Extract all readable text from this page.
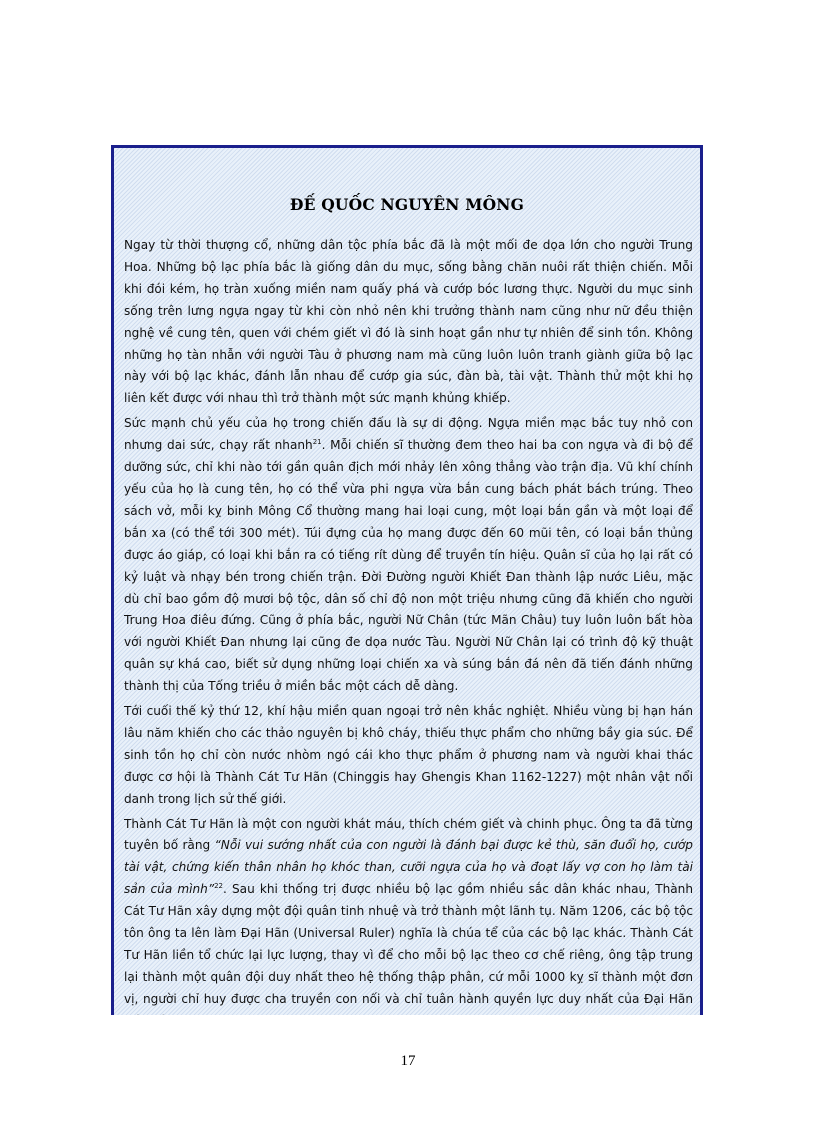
ĐẾ QUỐC NGUYÊN MÔNG

Ngay từ thời thượng cổ, những dân tộc phía bắc đã là một mối đe dọa lớn cho người Trung Hoa. Những bộ lạc phía bắc là giống dân du mục, sống bằng chăn nuôi rất thiện chiến. Mỗi khi đói kém, họ tràn xuống miền nam quấy phá và cướp bóc lương thực. Người du mục sinh sống trên lưng ngựa ngay từ khi còn nhỏ nên khi trưởng thành nam cũng như nữ đều thiện nghệ về cung tên, quen với chém giết vì đó là sinh hoạt gần như tự nhiên để sinh tồn. Không những họ tàn nhẫn với người Tàu ở phương nam mà cũng luôn luôn tranh giành giữa bộ lạc này với bộ lạc khác, đánh lẫn nhau để cướp gia súc, đàn bà, tài vật. Thành thử một khi họ liên kết được với nhau thì trở thành một sức mạnh khủng khiếp.

Sức mạnh chủ yếu của họ trong chiến đấu là sự di động. Ngựa miền mạc bắc tuy nhỏ con nhưng dai sức, chạy rất nhanh$^{21}$. Mỗi chiến sĩ thường đem theo hai ba con ngựa và đi bộ để dưỡng sức, chỉ khi nào tới gần quân địch mới nhảy lên xông thẳng vào trận địa. Vũ khí chính yếu của họ là cung tên, họ có thể vừa phi ngựa vừa bắn cung bách phát bách trúng. Theo sách vở, mỗi kỵ binh Mông Cổ thường mang hai loại cung, một loại bắn gần và một loại để bắn xa (có thể tới 300 mét). Túi đựng của họ mang được đến 60 mũi tên, có loại bắn thủng được áo giáp, có loại khi bắn ra có tiếng rít dùng để truyền tín hiệu. Quân sĩ của họ lại rất có kỷ luật và nhạy bén trong chiến trận. Đời Đường người Khiết Đan thành lập nước Liêu, mặc dù chỉ bao gồm độ mươi bộ tộc, dân số chỉ độ non một triệu nhưng cũng đã khiến cho người Trung Hoa điêu đứng. Cũng ở phía bắc, người Nữ Chân (tức Mãn Châu) tuy luôn luôn bất hòa với người Khiết Đan nhưng lại cũng đe dọa nước Tàu. Người Nữ Chân lại có trình độ kỹ thuật quân sự khá cao, biết sử dụng những loại chiến xa và súng bắn đá nên đã tiến đánh những thành thị của Tống triều ở miền bắc một cách dễ dàng.

Tới cuối thế kỷ thứ 12, khí hậu miền quan ngoại trở nên khắc nghiệt. Nhiều vùng bị hạn hán lâu năm khiến cho các thảo nguyên bị khô cháy, thiếu thực phẩm cho những bầy gia súc. Để sinh tồn họ chỉ còn nước nhòm ngó cái kho thực phẩm ở phương nam và người khai thác được cơ hội là Thành Cát Tư Hãn (Chinggis hay Ghengis Khan 1162-1227) một nhân vật nổi danh trong lịch sử thế giới.

Thành Cát Tư Hãn là một con người khát máu, thích chém giết và chinh phục. Ông ta đã từng tuyên bố rằng “Nỗi vui sướng nhất của con người là đánh bại được kẻ thù, săn đuổi họ, cướp tài vật, chứng kiến thân nhân họ khóc than, cưỡi ngựa của họ và đoạt lấy vợ con họ làm tài sản của mình”$^{22}$. Sau khi thống trị được nhiều bộ lạc gồm nhiều sắc dân khác nhau, Thành Cát Tư Hãn xây dựng một đội quân tinh nhuệ và trở thành một lãnh tụ. Năm 1206, các bộ tộc tôn ông ta lên làm Đại Hãn (Universal Ruler) nghĩa là chúa tể của các bộ lạc khác. Thành Cát Tư Hãn liền tổ chức lại lực lượng, thay vì để cho mỗi bộ lạc theo cơ chế riêng, ông tập trung lại thành một quân đội duy nhất theo hệ thống thập phân, cứ mỗi 1000 kỵ sĩ thành một đơn vị, người chỉ huy được cha truyền con nối và chỉ tuân hành quyền lực duy nhất của Đại Hãn

17
